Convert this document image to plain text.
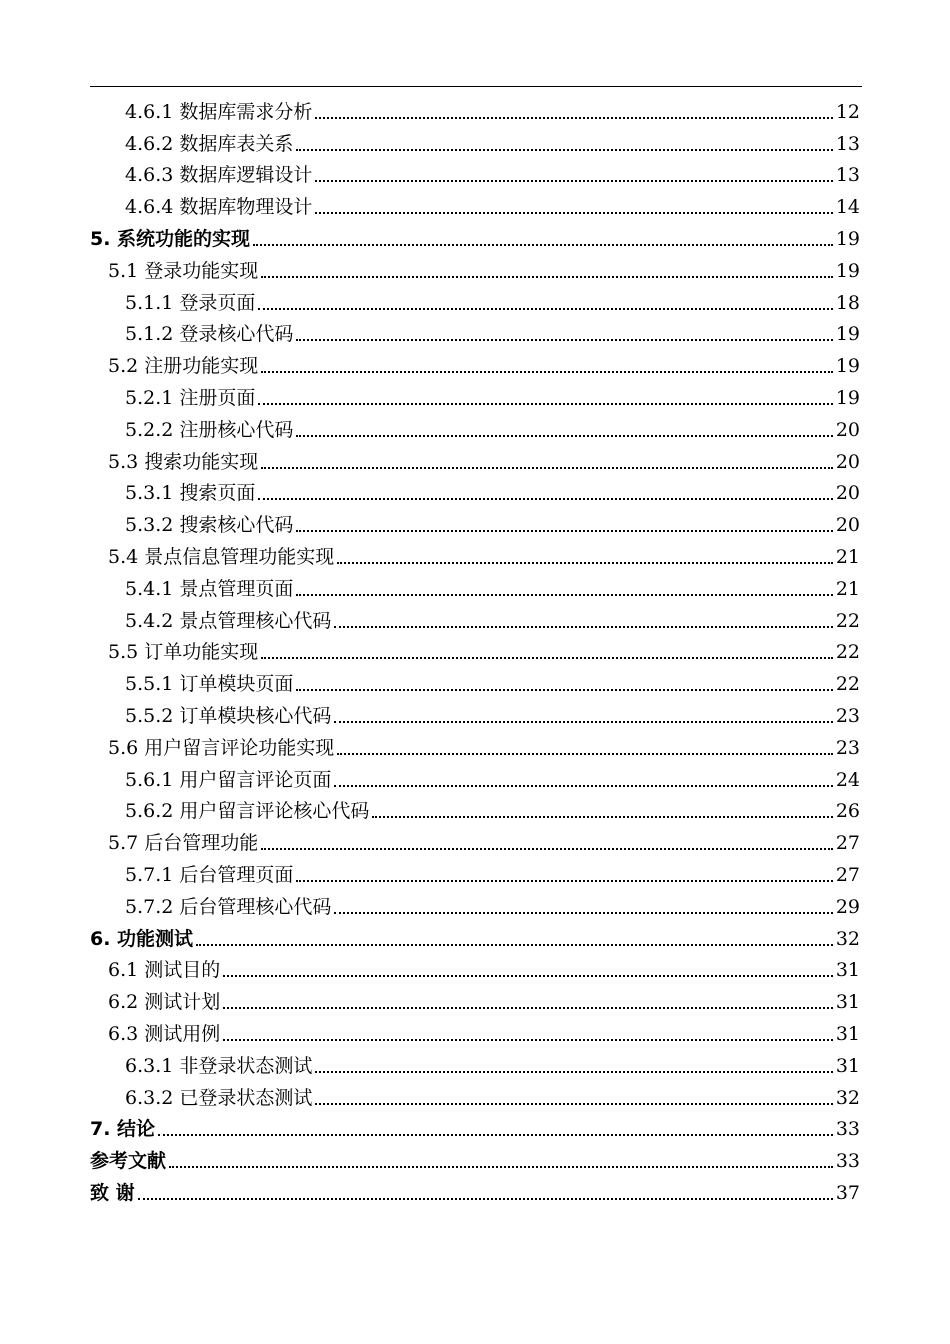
4.6.1 数据库需求分析	12
4.6.2 数据库表关系	13
4.6.3 数据库逻辑设计	13
4.6.4 数据库物理设计	14
5. 系统功能的实现	19
5.1 登录功能实现	19
5.1.1 登录页面	18
5.1.2 登录核心代码	19
5.2 注册功能实现	19
5.2.1 注册页面	19
5.2.2 注册核心代码	20
5.3 搜索功能实现	20
5.3.1 搜索页面	20
5.3.2 搜索核心代码	20
5.4 景点信息管理功能实现	21
5.4.1 景点管理页面	21
5.4.2 景点管理核心代码	22
5.5 订单功能实现	22
5.5.1 订单模块页面	22
5.5.2 订单模块核心代码	23
5.6 用户留言评论功能实现	23
5.6.1 用户留言评论页面	24
5.6.2 用户留言评论核心代码	26
5.7 后台管理功能	27
5.7.1 后台管理页面	27
5.7.2 后台管理核心代码	29
6. 功能测试	32
6.1 测试目的	31
6.2 测试计划	31
6.3 测试用例	31
6.3.1 非登录状态测试	31
6.3.2 已登录状态测试	32
7. 结论	33
参考文献	33
致 谢	37
